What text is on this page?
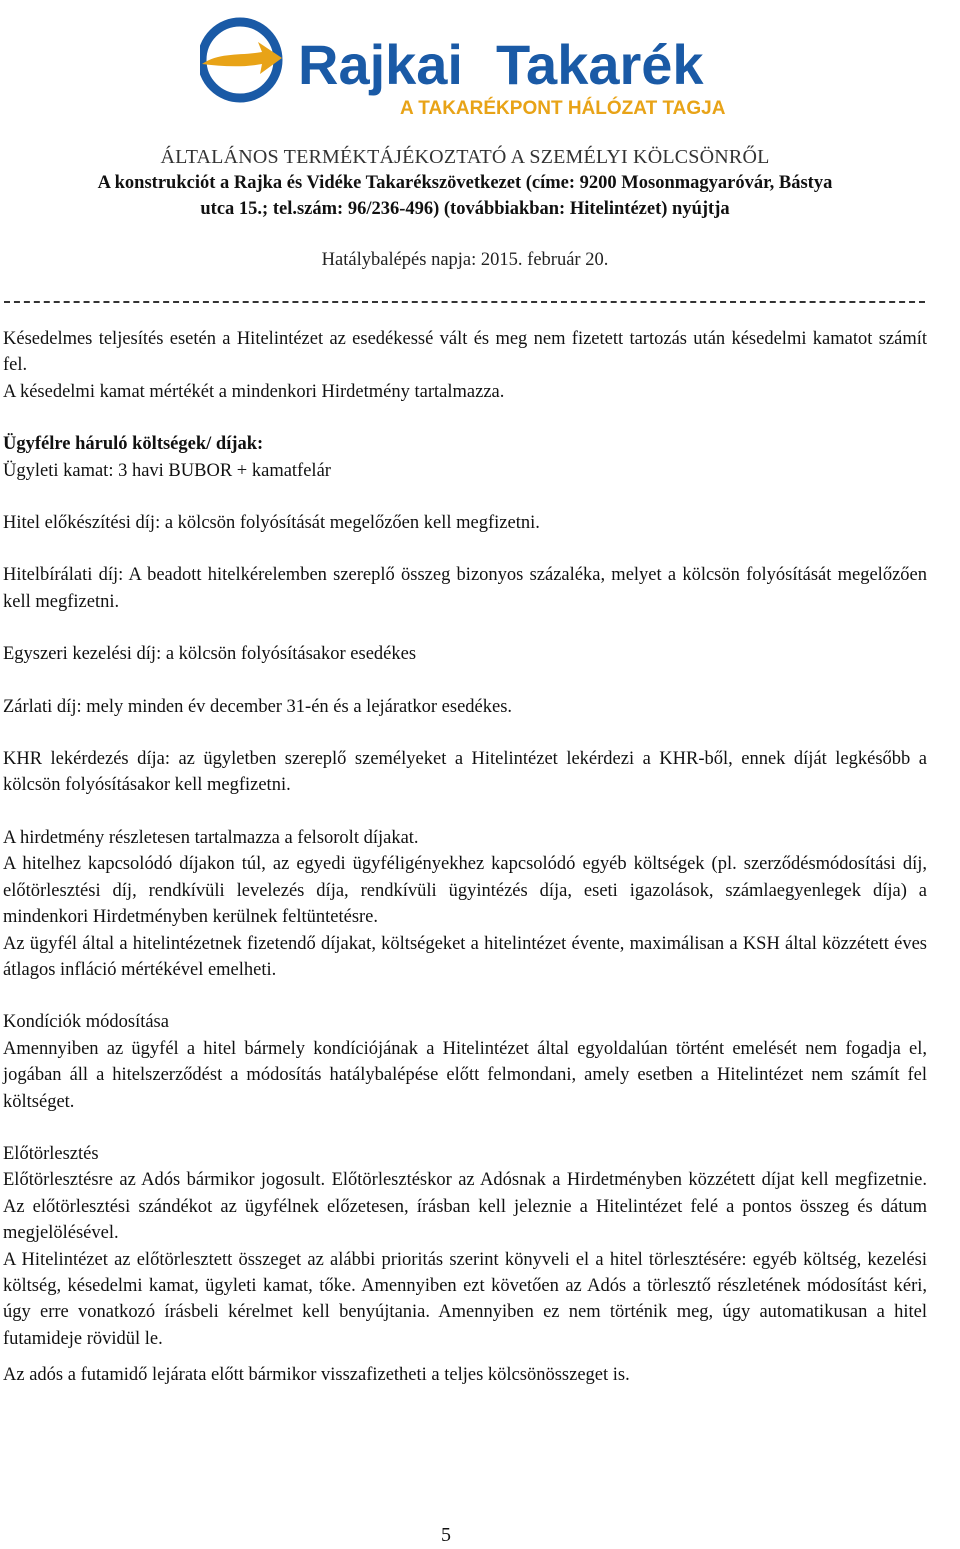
Rajkai Takarék
A TAKARÉKPONT HÁLÓZAT TAGJA
ÁLTALÁNOS TERMÉKTÁJÉKOZTATÓ A SZEMÉLYI KÖLCSÖNRŐL
A konstrukciót a Rajka és Vidéke Takarékszövetkezet (címe: 9200 Mosonmagyaróvár, Bástya
utca 15.; tel.szám: 96/236-496) (továbbiakban: Hitelintézet) nyújtja
Hatálybalépés napja: 2015. február 20.

Késedelmes teljesítés esetén a Hitelintézet az esedékessé vált és meg nem fizetett tartozás után késedelmi kamatot számít fel.

A késedelmi kamat mértékét a mindenkori Hirdetmény tartalmazza.

Ügyfélre háruló költségek/ díjak:

Ügyleti kamat: 3 havi BUBOR + kamatfelár

Hitel előkészítési díj: a kölcsön folyósítását megelőzően kell megfizetni.

Hitelbírálati díj: A beadott hitelkérelemben szereplő összeg bizonyos százaléka, melyet a kölcsön folyósítását megelőzően kell megfizetni.

Egyszeri kezelési díj: a kölcsön folyósításakor esedékes

Zárlati díj: mely minden év december 31-én és a lejáratkor esedékes.

KHR lekérdezés díja: az ügyletben szereplő személyeket a Hitelintézet lekérdezi a KHR-ből, ennek díját legkésőbb a kölcsön folyósításakor kell megfizetni.

A hirdetmény részletesen tartalmazza a felsorolt díjakat.

A hitelhez kapcsolódó díjakon túl, az egyedi ügyféligényekhez kapcsolódó egyéb költségek (pl. szerződésmódosítási díj, előtörlesztési díj, rendkívüli levelezés díja, rendkívüli ügyintézés díja, eseti igazolások, számlaegyenlegek díja) a mindenkori Hirdetményben kerülnek feltüntetésre.

Az ügyfél által a hitelintézetnek fizetendő díjakat, költségeket a hitelintézet évente, maximálisan a KSH által közzétett éves átlagos infláció mértékével emelheti.

Kondíciók módosítása

Amennyiben az ügyfél a hitel bármely kondíciójának a Hitelintézet által egyoldalúan történt emelését nem fogadja el, jogában áll a hitelszerződést a módosítás hatálybalépése előtt felmondani, amely esetben a Hitelintézet nem számít fel költséget.

Előtörlesztés

Előtörlesztésre az Adós bármikor jogosult. Előtörlesztéskor az Adósnak a Hirdetményben közzétett díjat kell megfizetnie. Az előtörlesztési szándékot az ügyfélnek előzetesen, írásban kell jeleznie a Hitelintézet felé a pontos összeg és dátum megjelölésével.

A Hitelintézet az előtörlesztett összeget az alábbi prioritás szerint könyveli el a hitel törlesztésére: egyéb költség, kezelési költség, késedelmi kamat, ügyleti kamat, tőke. Amennyiben ezt követően az Adós a törlesztő részletének módosítást kéri, úgy erre vonatkozó írásbeli kérelmet kell benyújtania. Amennyiben ez nem történik meg, úgy automatikusan a hitel futamideje rövidül le.

Az adós a futamidő lejárata előtt bármikor visszafizetheti a teljes kölcsönösszeget is.

5
